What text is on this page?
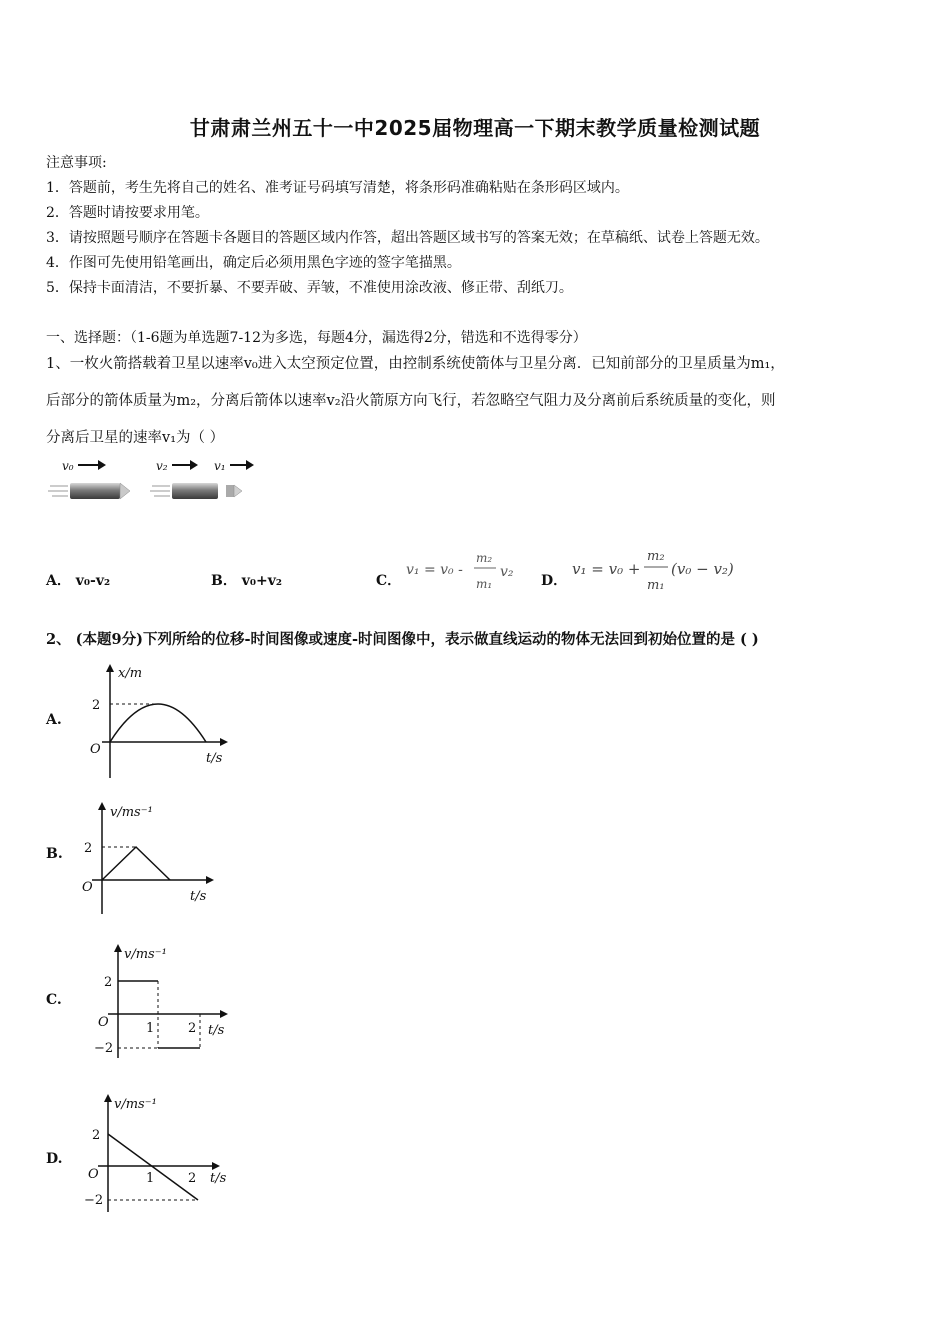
甘肃肃兰州五十一中2025届物理高一下期末教学质量检测试题
注意事项:
1．答题前，考生先将自己的姓名、准考证号码填写清楚，将条形码准确粘贴在条形码区域内。
2．答题时请按要求用笔。
3．请按照题号顺序在答题卡各题目的答题区域内作答，超出答题区域书写的答案无效；在草稿纸、试卷上答题无效。
4．作图可先使用铅笔画出，确定后必须用黑色字迹的签字笔描黑。
5．保持卡面清洁，不要折暴、不要弄破、弄皱，不准使用涂改液、修正带、刮纸刀。
一、选择题：（1-6题为单选题7-12为多选，每题4分，漏选得2分，错选和不选得零分）
1、一枚火箭搭载着卫星以速率v₀进入太空预定位置，由控制系统使箭体与卫星分离．已知前部分的卫星质量为m₁，
后部分的箭体质量为m₂，分离后箭体以速率v₂沿火箭原方向飞行，若忽略空气阻力及分离前后系统质量的变化，则
分离后卫星的速率v₁为（ ）
v₀	v₂	v₁
A． v₀-v₂	B． v₀+v₂	C．
v₁ = v₀ -
m₂
m₁
v₂
D．
v₁ = v₀ +
m₂
m₁
(v₀ − v₂)
2、 (本题9分)下列所给的位移-时间图像或速度-时间图像中，表示做直线运动的物体无法回到初始位置的是 ( )
A.
x/m
t/s
O
2
B.
v/ms⁻¹
t/s
O
2
C.
v/ms⁻¹
t/s
O
2
−2
1	2
D.
v/ms⁻¹
t/s
O
2
−2
1	2
